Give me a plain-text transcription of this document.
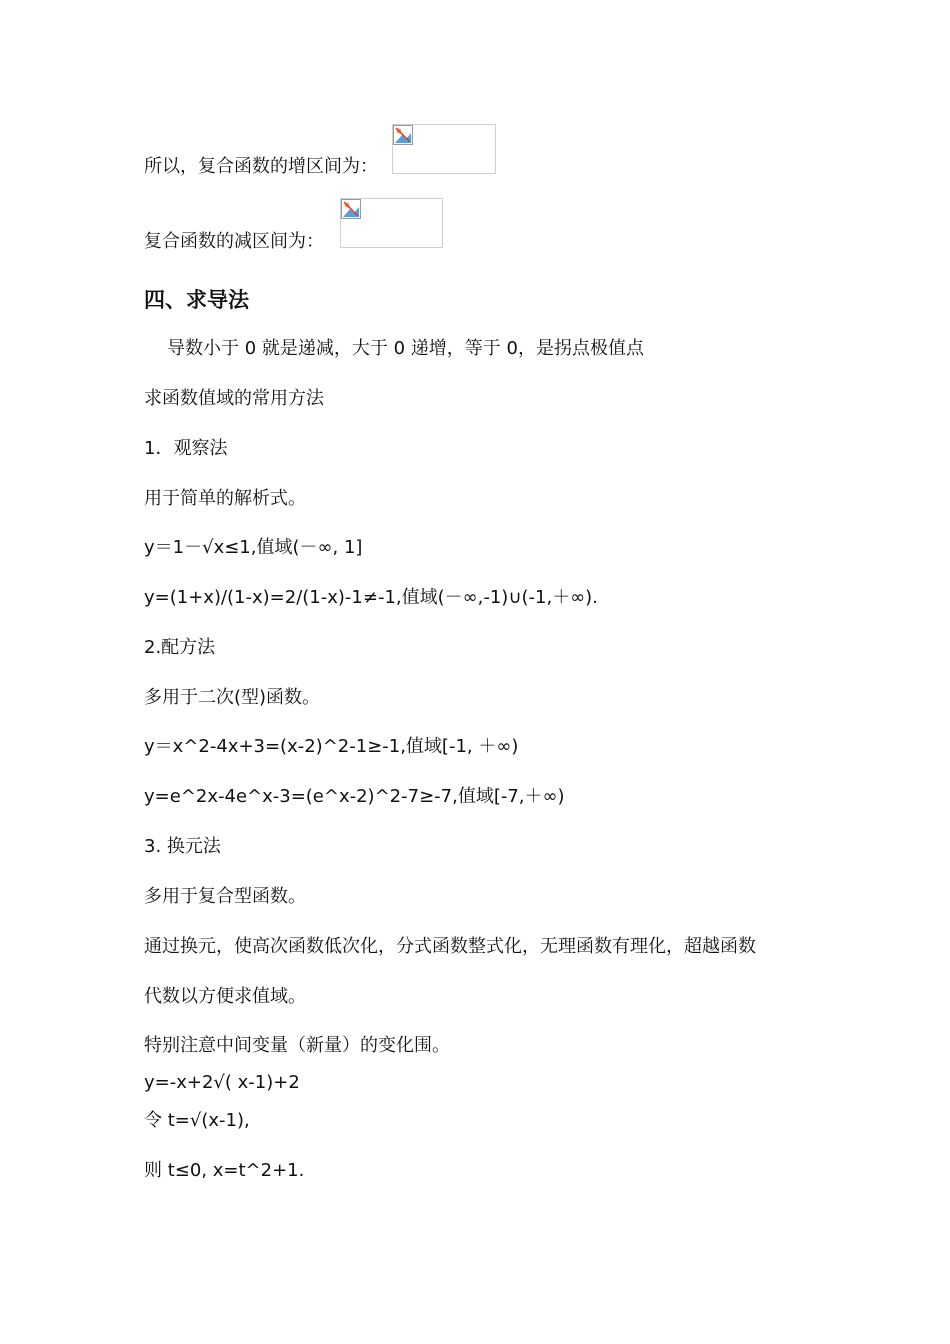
所以，复合函数的增区间为：
复合函数的减区间为：
四、求导法
导数小于 0 就是递减，大于 0 递增，等于 0，是拐点极值点
求函数值域的常用方法
1．观察法
用于简单的解析式。
y＝1－√x≤1,值域(－∞, 1]
y=(1+x)/(1-x)=2/(1-x)-1≠-1,值域(－∞,-1)∪(-1,＋∞).
2.配方法
多用于二次(型)函数。
y＝x^2-4x+3=(x-2)^2-1≥-1,值域[-1, ＋∞)
y=e^2x-4e^x-3=(e^x-2)^2-7≥-7,值域[-7,＋∞)
3. 换元法
多用于复合型函数。
通过换元，使高次函数低次化，分式函数整式化，无理函数有理化，超越函数
代数以方便求值域。
特别注意中间变量（新量）的变化围。
y=-x+2√( x-1)+2
令 t=√(x-1),
则 t≤0, x=t^2+1.
